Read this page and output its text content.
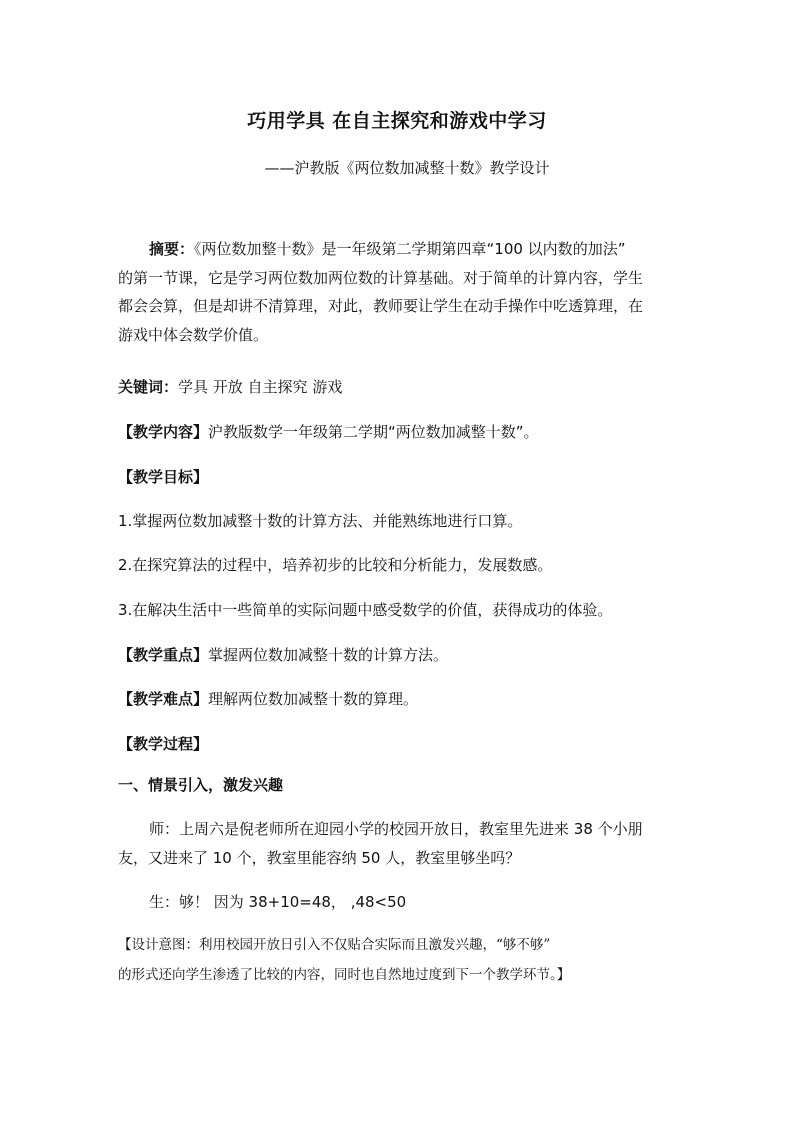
巧用学具 在自主探究和游戏中学习
——沪教版《两位数加减整十数》教学设计
摘要：《两位数加整十数》是一年级第二学期第四章“100 以内数的加法”
的第一节课，它是学习两位数加两位数的计算基础。对于简单的计算内容，学生
都会会算，但是却讲不清算理，对此，教师要让学生在动手操作中吃透算理，在
游戏中体会数学价值。
关键词：学具 开放 自主探究 游戏
【教学内容】沪教版数学一年级第二学期“两位数加减整十数”。
【教学目标】
1.掌握两位数加减整十数的计算方法、并能熟练地进行口算。
2.在探究算法的过程中，培养初步的比较和分析能力，发展数感。
3.在解决生活中一些简单的实际问题中感受数学的价值，获得成功的体验。
【教学重点】掌握两位数加减整十数的计算方法。
【教学难点】理解两位数加减整十数的算理。
【教学过程】
一、情景引入，激发兴趣
师：上周六是倪老师所在迎园小学的校园开放日，教室里先进来 38 个小朋
友，又进来了 10 个，教室里能容纳 50 人，教室里够坐吗？
生：够！ 因为 38+10=48， ,48<50
【设计意图：利用校园开放日引入不仅贴合实际而且激发兴趣，“够不够”
的形式还向学生渗透了比较的内容，同时也自然地过度到下一个教学环节。】
